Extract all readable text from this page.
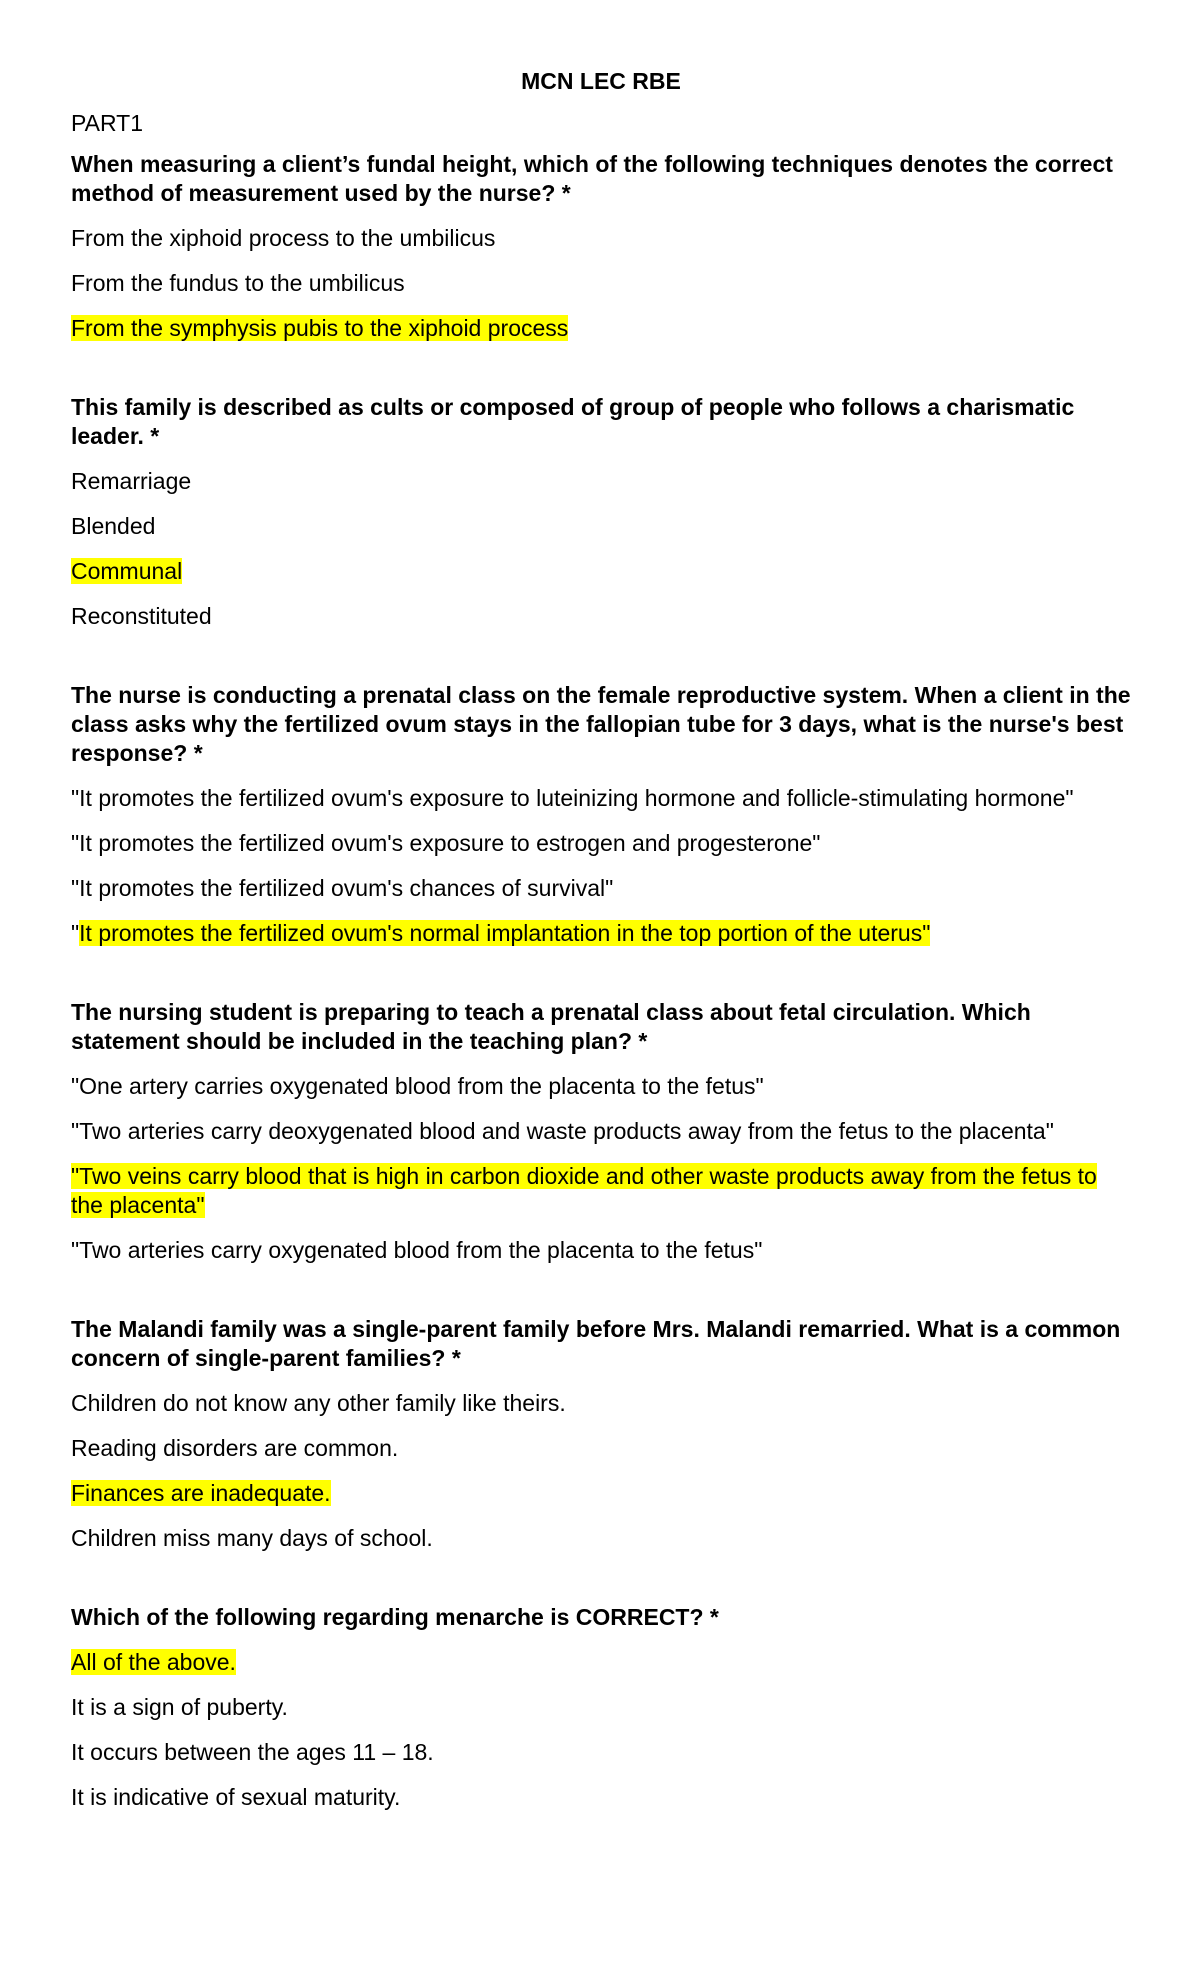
MCN LEC RBE
PART1
When measuring a client’s fundal height, which of the following techniques denotes the correct method of measurement used by the nurse? *
From the xiphoid process to the umbilicus
From the fundus to the umbilicus
From the symphysis pubis to the xiphoid process
This family is described as cults or composed of group of people who follows a charismatic leader. *
Remarriage
Blended
Communal
Reconstituted
The nurse is conducting a prenatal class on the female reproductive system. When a client in the class asks why the fertilized ovum stays in the fallopian tube for 3 days, what is the nurse's best response? *
"It promotes the fertilized ovum's exposure to luteinizing hormone and follicle-stimulating hormone"
"It promotes the fertilized ovum's exposure to estrogen and progesterone"
"It promotes the fertilized ovum's chances of survival"
"It promotes the fertilized ovum's normal implantation in the top portion of the uterus"
The nursing student is preparing to teach a prenatal class about fetal circulation. Which statement should be included in the teaching plan? *
"One artery carries oxygenated blood from the placenta to the fetus"
"Two arteries carry deoxygenated blood and waste products away from the fetus to the placenta"
"Two veins carry blood that is high in carbon dioxide and other waste products away from the fetus to the placenta"
"Two arteries carry oxygenated blood from the placenta to the fetus"
The Malandi family was a single-parent family before Mrs. Malandi remarried. What is a common concern of single-parent families? *
Children do not know any other family like theirs.
Reading disorders are common.
Finances are inadequate.
Children miss many days of school.
Which of the following regarding menarche is CORRECT? *
All of the above.
It is a sign of puberty.
It occurs between the ages 11 – 18.
It is indicative of sexual maturity.
